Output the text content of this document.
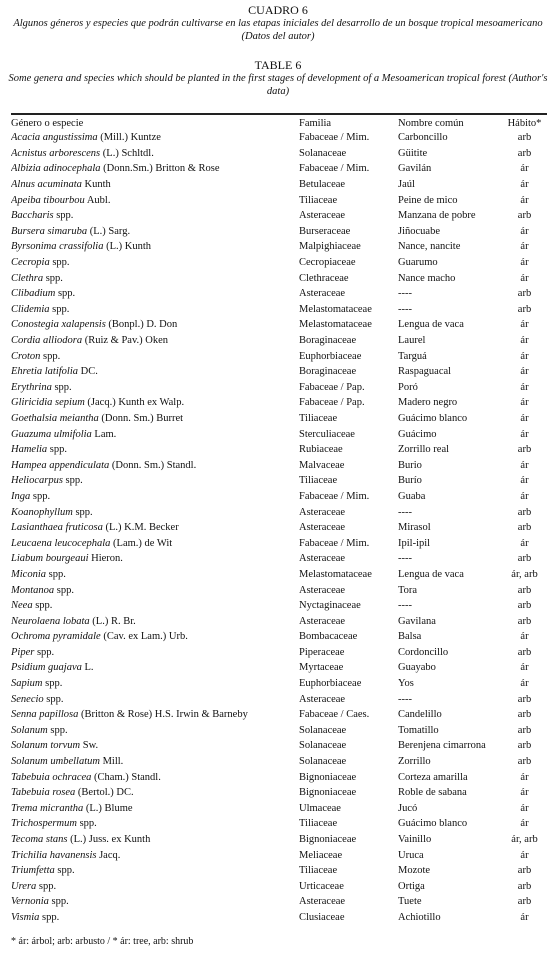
CUADRO 6
Algunos géneros y especies que podrán cultivarse en las etapas iniciales del desarrollo de un bosque tropical mesoamericano (Datos del autor)
TABLE 6
Some genera and species which should be planted in the first stages of development of a Mesoamerican tropical forest (Author's data)
Género o especie	Familia	Nombre común	Hábito*
Acacia angustissima (Mill.) Kuntze	Fabaceae / Mim.	Carboncillo	arb
Acnistus arborescens (L.) Schltdl.	Solanaceae	Güitite	arb
Albizia adinocephala (Donn.Sm.) Britton & Rose	Fabaceae / Mim.	Gavilán	ár
Alnus acuminata Kunth	Betulaceae	Jaúl	ár
Apeiba tibourbou Aubl.	Tiliaceae	Peine de mico	ár
Baccharis spp.	Asteraceae	Manzana de pobre	arb
Bursera simaruba (L.) Sarg.	Burseraceae	Jiñocuabe	ár
Byrsonima crassifolia (L.) Kunth	Malpighiaceae	Nance, nancite	ár
Cecropia spp.	Cecropiaceae	Guarumo	ár
Clethra spp.	Clethraceae	Nance macho	ár
Clibadium spp.	Asteraceae	----	arb
Clidemia spp.	Melastomataceae	----	arb
Conostegia xalapensis (Bonpl.) D. Don	Melastomataceae	Lengua de vaca	ár
Cordia alliodora (Ruiz & Pav.) Oken	Boraginaceae	Laurel	ár
Croton spp.	Euphorbiaceae	Targuá	ár
Ehretia latifolia DC.	Boraginaceae	Raspaguacal	ár
Erythrina spp.	Fabaceae / Pap.	Poró	ár
Gliricidia sepium (Jacq.) Kunth ex Walp.	Fabaceae / Pap.	Madero negro	ár
Goethalsia meiantha (Donn. Sm.) Burret	Tiliaceae	Guácimo blanco	ár
Guazuma ulmifolia Lam.	Sterculiaceae	Guácimo	ár
Hamelia spp.	Rubiaceae	Zorrillo real	arb
Hampea appendiculata (Donn. Sm.) Standl.	Malvaceae	Burio	ár
Heliocarpus spp.	Tiliaceae	Burío	ár
Inga spp.	Fabaceae / Mim.	Guaba	ár
Koanophyllum spp.	Asteraceae	----	arb
Lasianthaea fruticosa (L.) K.M. Becker	Asteraceae	Mirasol	arb
Leucaena leucocephala (Lam.) de Wit	Fabaceae / Mim.	Ipil-ipil	ár
Liabum bourgeaui Hieron.	Asteraceae	----	arb
Miconia spp.	Melastomataceae	Lengua de vaca	ár, arb
Montanoa spp.	Asteraceae	Tora	arb
Neea spp.	Nyctaginaceae	----	arb
Neurolaena lobata (L.) R. Br.	Asteraceae	Gavilana	arb
Ochroma pyramidale (Cav. ex Lam.) Urb.	Bombacaceae	Balsa	ár
Piper spp.	Piperaceae	Cordoncillo	arb
Psidium guajava L.	Myrtaceae	Guayabo	ár
Sapium spp.	Euphorbiaceae	Yos	ár
Senecio spp.	Asteraceae	----	arb
Senna papillosa (Britton & Rose) H.S. Irwin & Barneby	Fabaceae / Caes.	Candelillo	arb
Solanum spp.	Solanaceae	Tomatillo	arb
Solanum torvum Sw.	Solanaceae	Berenjena cimarrona	arb
Solanum umbellatum Mill.	Solanaceae	Zorrillo	arb
Tabebuia ochracea (Cham.) Standl.	Bignoniaceae	Corteza amarilla	ár
Tabebuia rosea (Bertol.) DC.	Bignoniaceae	Roble de sabana	ár
Trema micrantha (L.) Blume	Ulmaceae	Jucó	ár
Trichospermum spp.	Tiliaceae	Guácimo blanco	ár
Tecoma stans (L.) Juss. ex Kunth	Bignoniaceae	Vainillo	ár, arb
Trichilia havanensis Jacq.	Meliaceae	Uruca	ár
Triumfetta spp.	Tiliaceae	Mozote	arb
Urera spp.	Urticaceae	Ortiga	arb
Vernonia spp.	Asteraceae	Tuete	arb
Vismia spp.	Clusiaceae	Achiotillo	ár
* ár: árbol; arb: arbusto / * ár: tree, arb: shrub
